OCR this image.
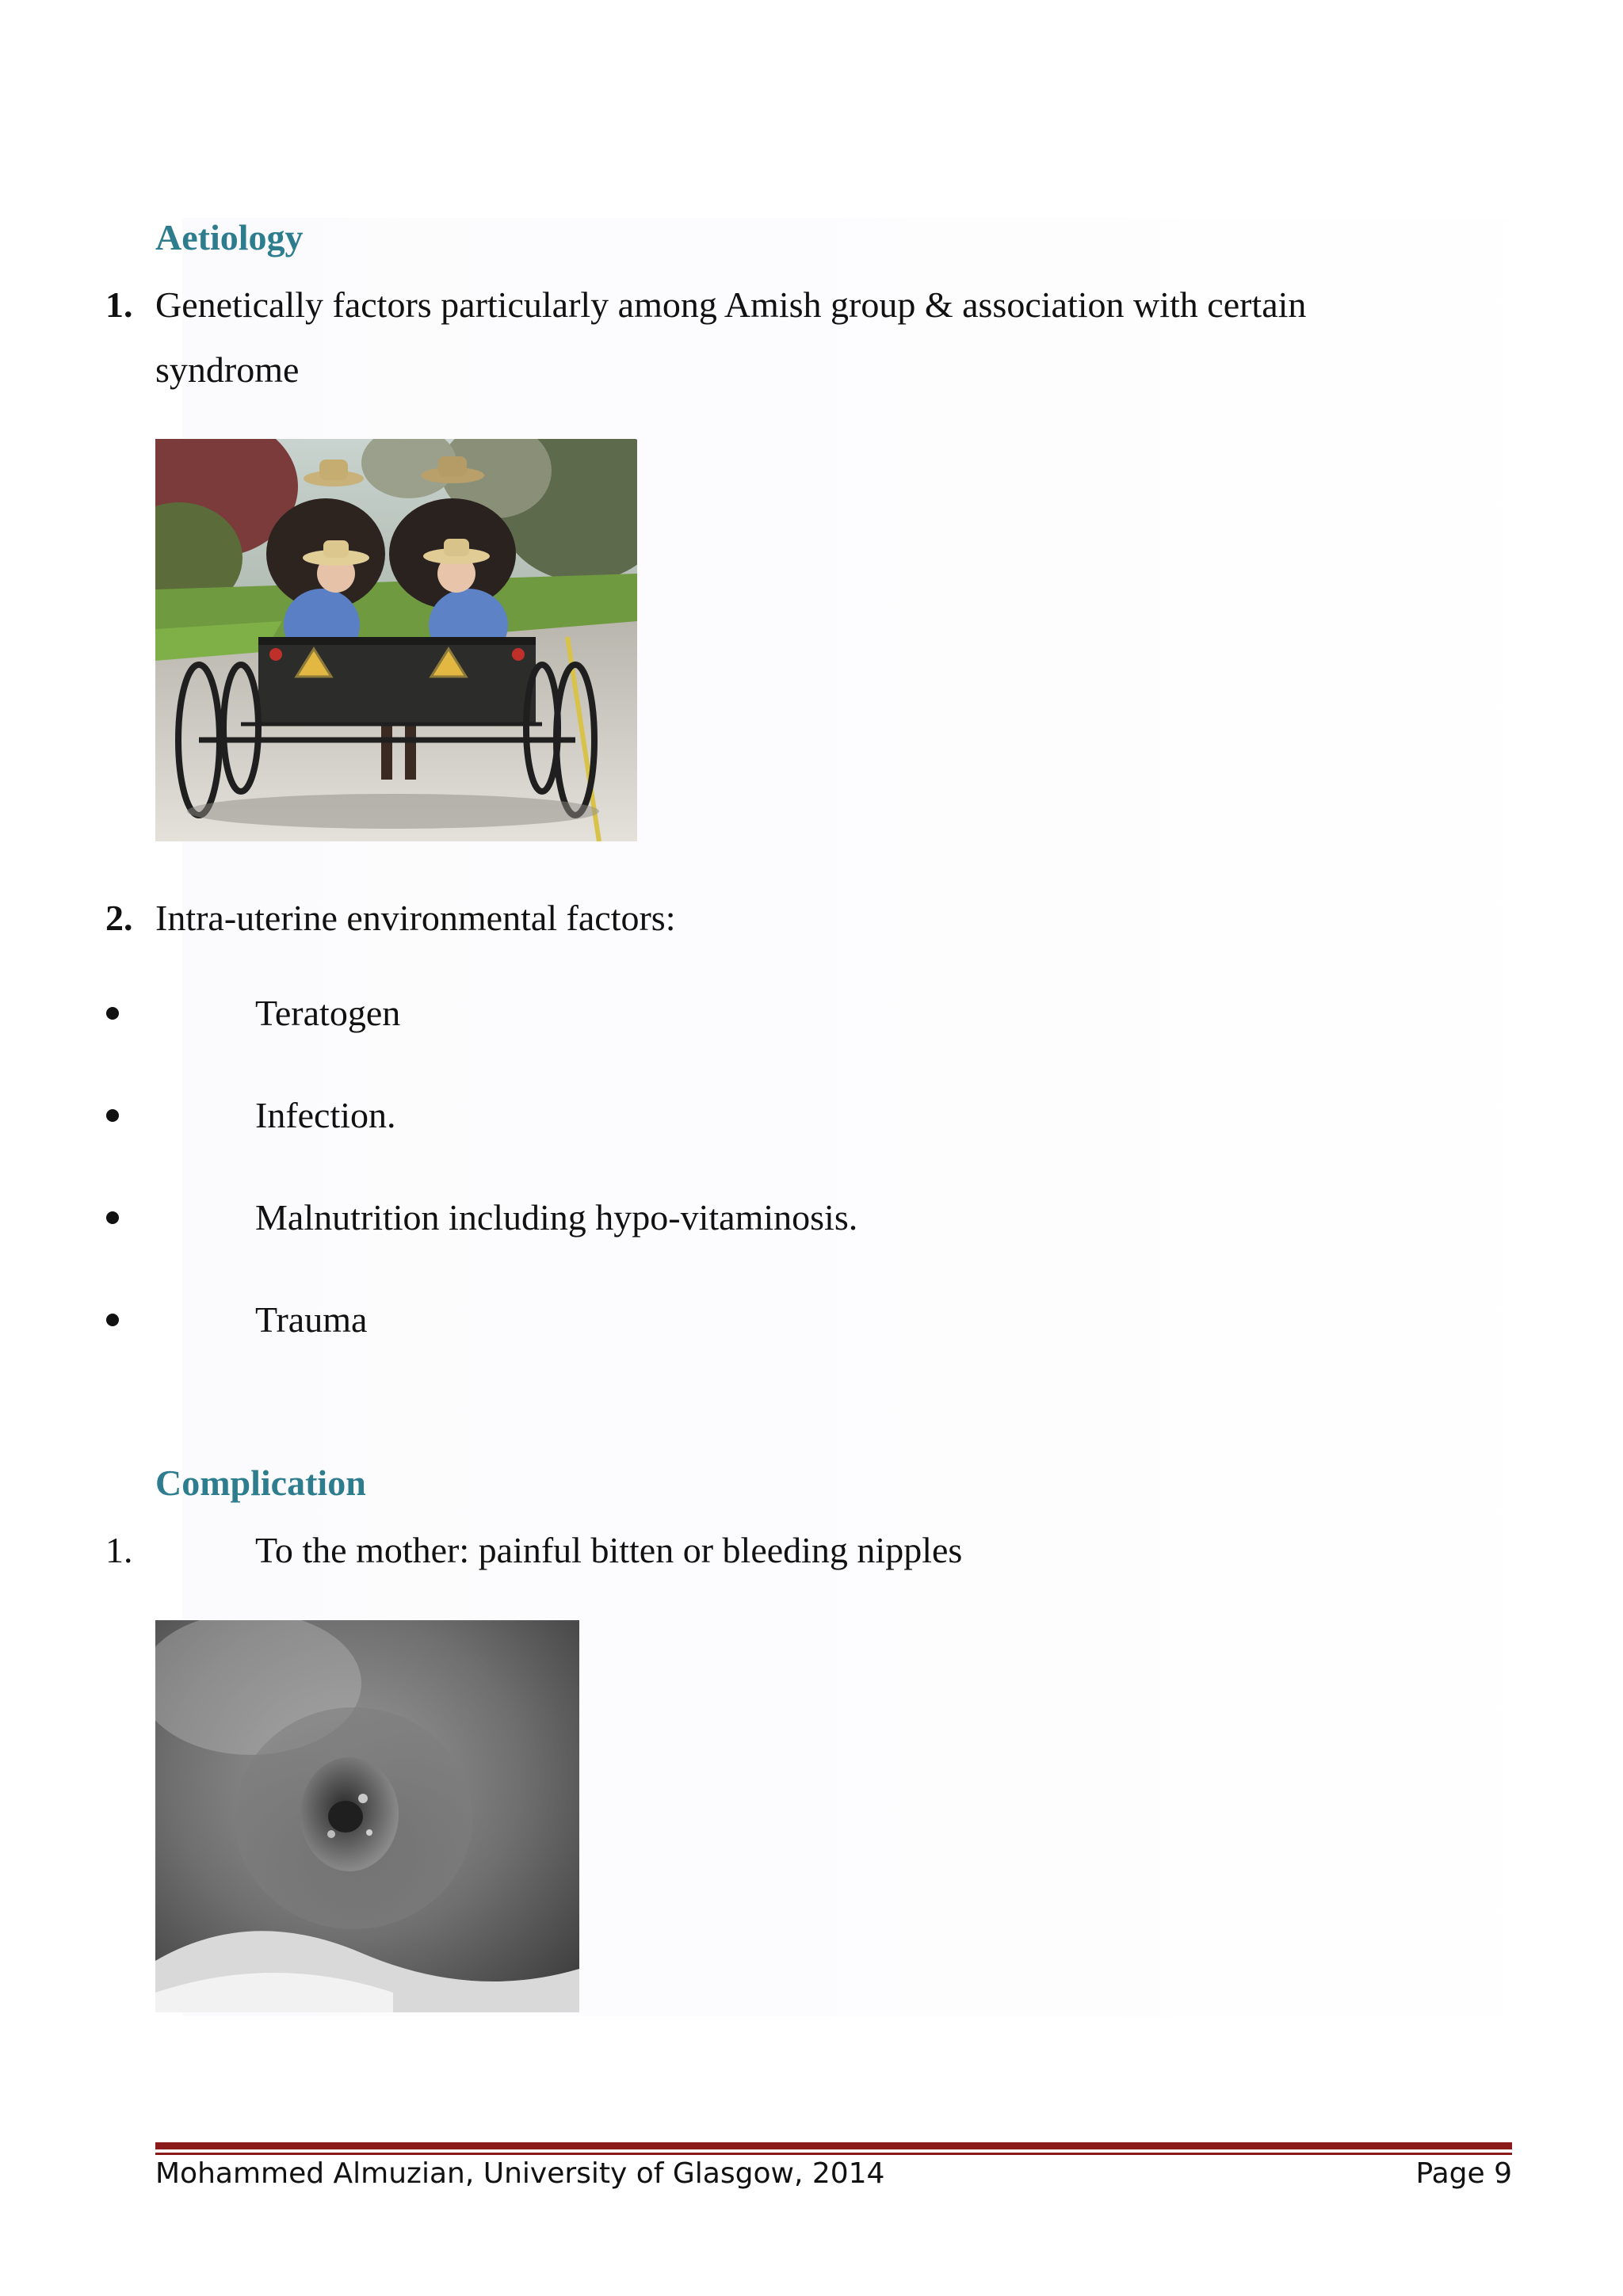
Aetiology
1. Genetically factors particularly among Amish group & association with certain
syndrome
2. Intra-uterine environmental factors:
Teratogen
Infection.
Malnutrition including hypo-vitaminosis.
Trauma
Complication
1.	To the mother: painful bitten or bleeding nipples
Mohammed Almuzian, University of Glasgow, 2014	Page 9
